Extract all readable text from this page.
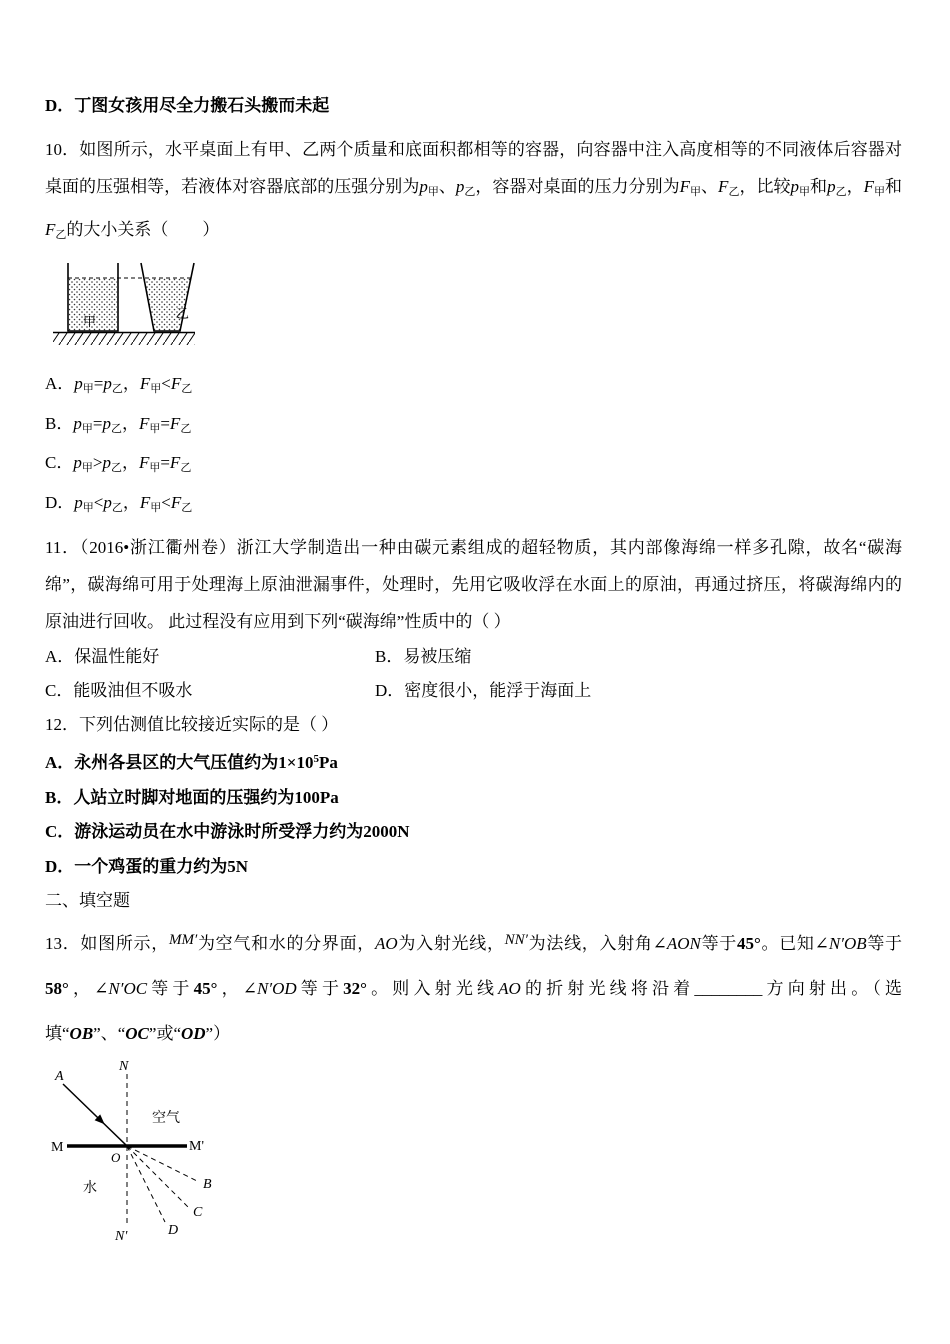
D．丁图女孩用尽全力搬石头搬而未起
10．如图所示，水平桌面上有甲、乙两个质量和底面积都相等的容器，向容器中注入高度相等的不同液体后容器对桌面的压强相等，若液体对容器底部的压强分别为$p_甲$、$p_乙$，容器对桌面的压力分别为$F_甲$、$F_乙$，比较$p_甲$和$p_乙$，$F_甲$和$F_乙$的大小关系（　　）
甲
乙
A．$p_甲=p_乙$，$F_甲<F_乙$
B．$p_甲=p_乙$，$F_甲=F_乙$
C．$p_甲>p_乙$，$F_甲=F_乙$
D．$p_甲<p_乙$，$F_甲<F_乙$
11．（2016•浙江衢州卷）浙江大学制造出一种由碳元素组成的超轻物质，其内部像海绵一样多孔隙，故名“碳海绵”，碳海绵可用于处理海上原油泄漏事件，处理时，先用它吸收浮在水面上的原油，再通过挤压，将碳海绵内的原油进行回收。 此过程没有应用到下列“碳海绵”性质中的（ ）
A．保温性能好	B．易被压缩
C．能吸油但不吸水	D．密度很小，能浮于海面上
12．下列估测值比较接近实际的是（ ）
A．永州各县区的大气压值约为$1\times 10^5Pa$
B．人站立时脚对地面的压强约为100Pa
C．游泳运动员在水中游泳时所受浮力约为2000N
D．一个鸡蛋的重力约为5N
二、填空题
13．如图所示，MM′为空气和水的分界面，AO为入射光线，NN′为法线，入射角∠AON等于45°。已知∠N′OB等于58°，∠N′OC等于45°，∠N′OD等于32°。则入射光线AO的折射光线将沿着________方向射出。（选填“OB”、“OC”或“OD”）
N
A
空气
M	M'
O
水	B
C
D
N'
